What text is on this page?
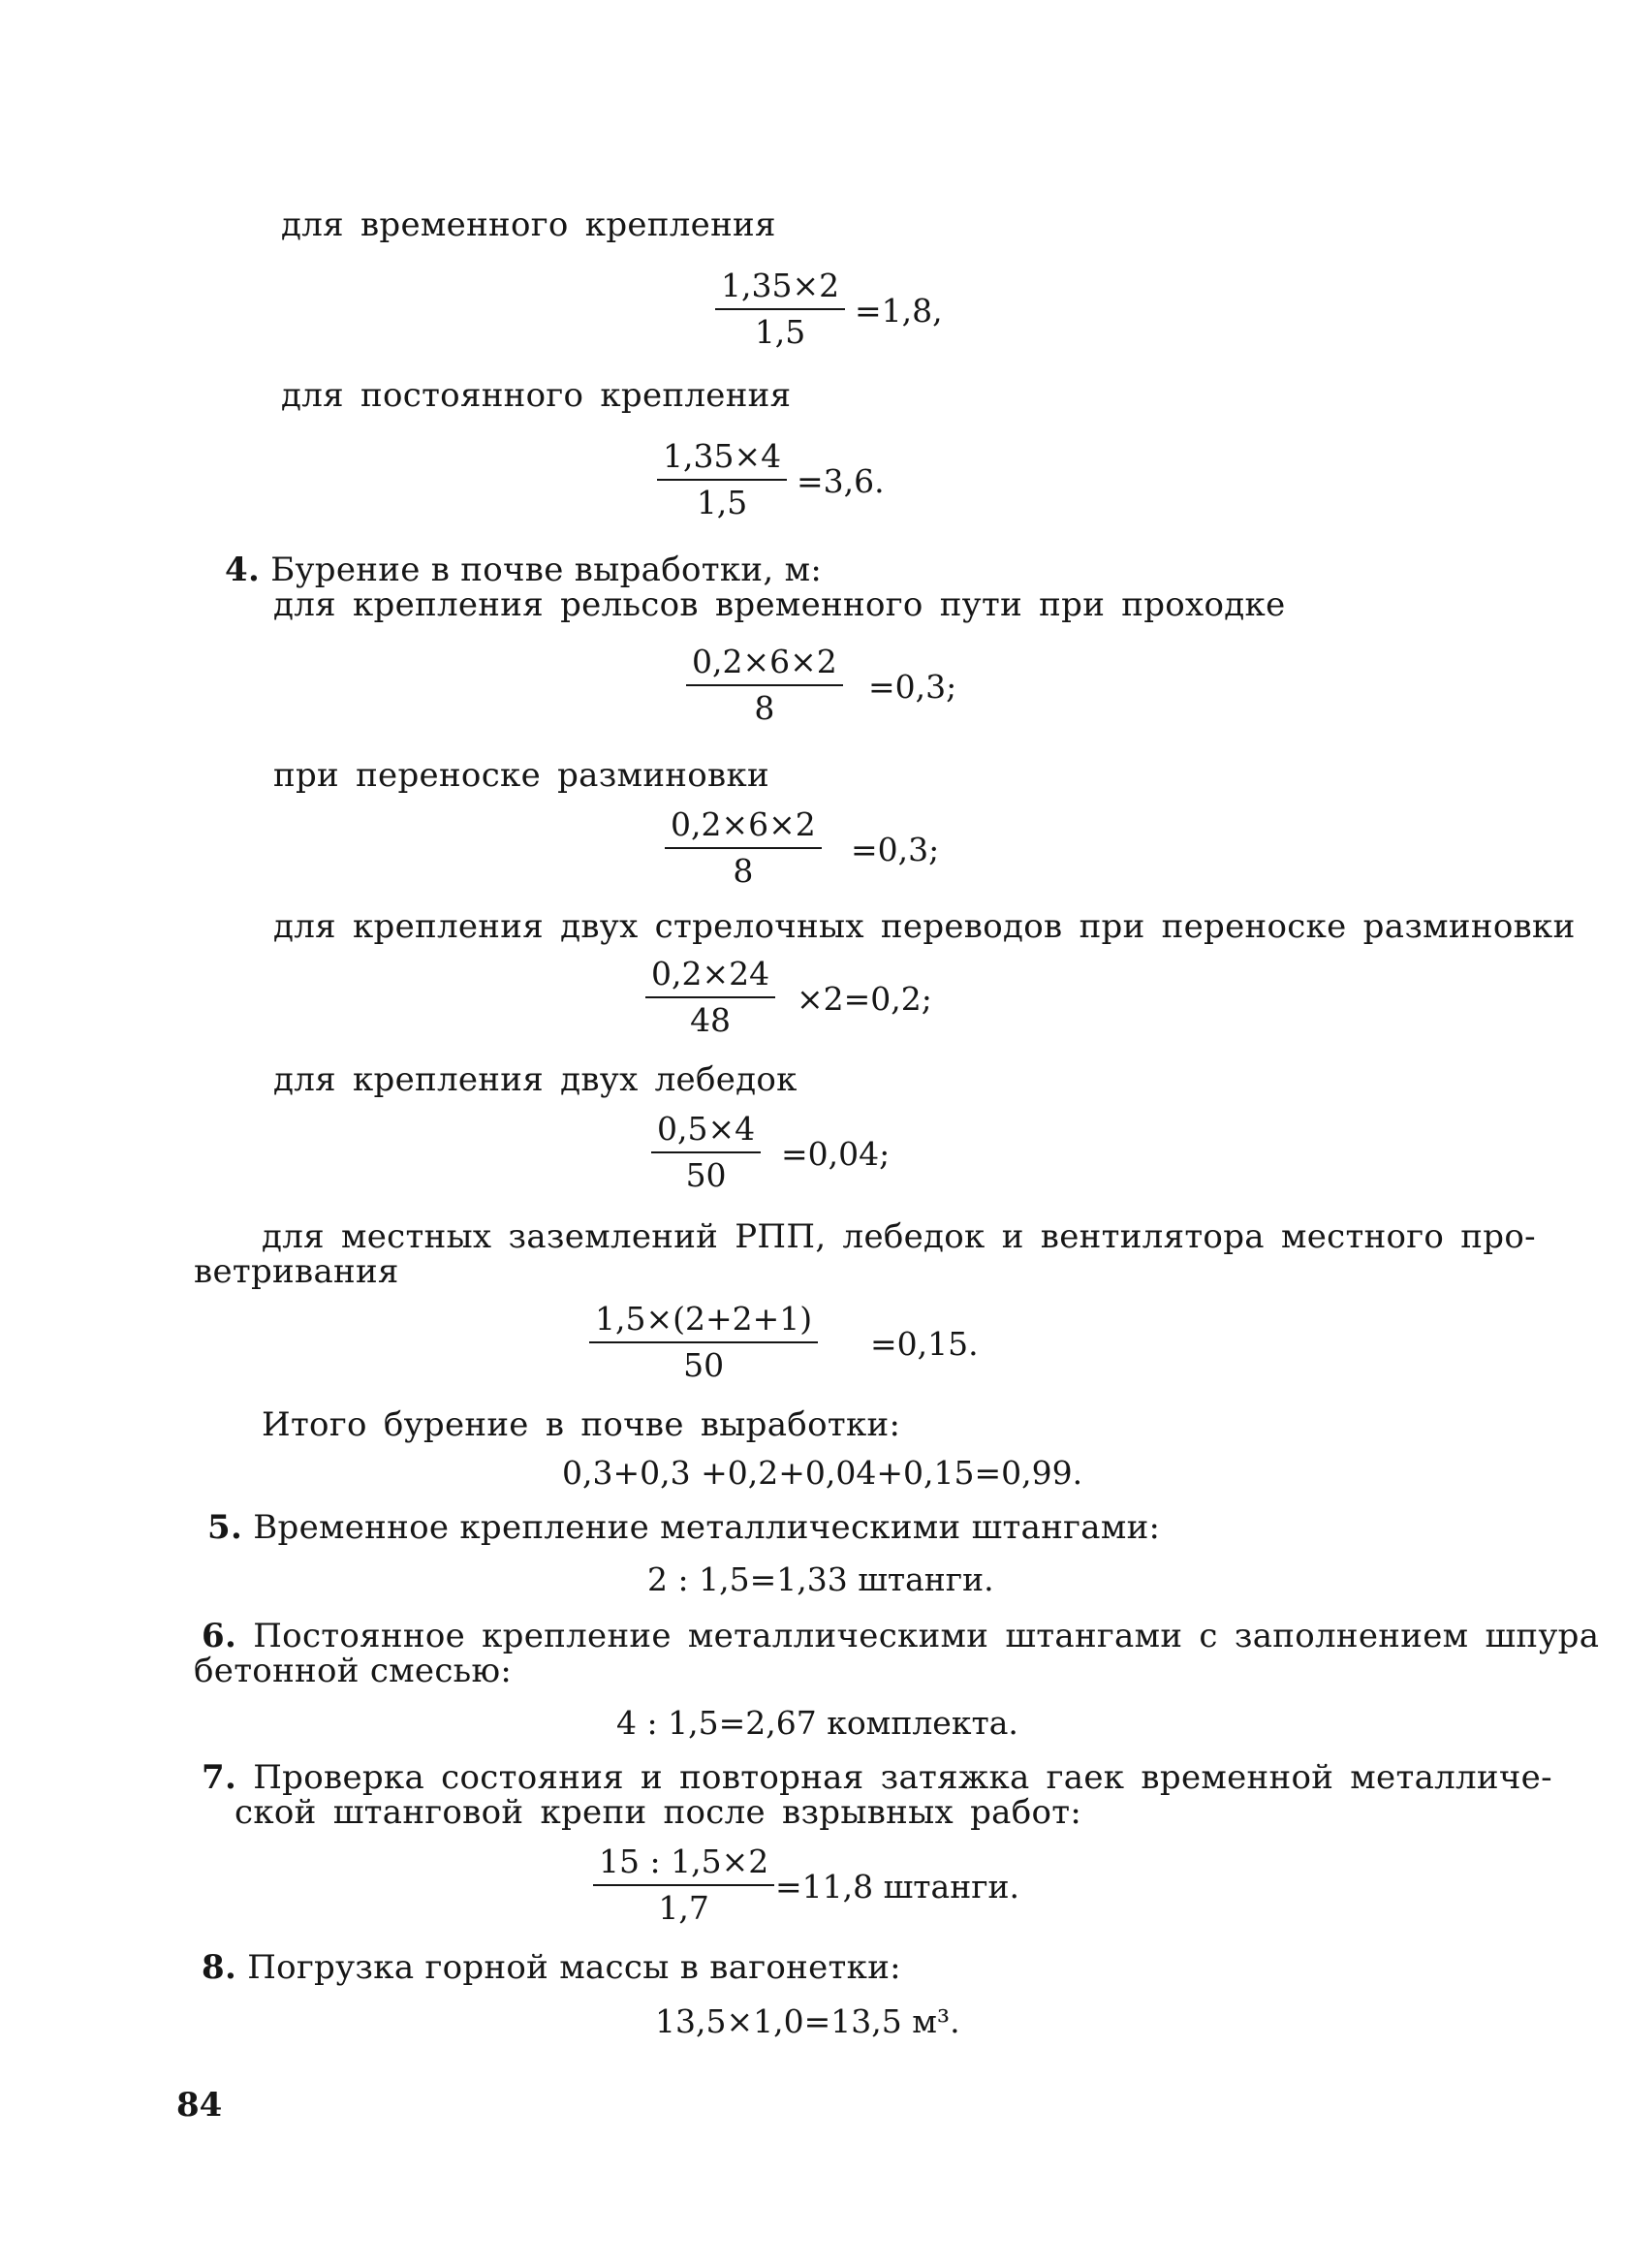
для временного крепления
$\frac{1,35\times 2}{1,5} =1,8$,
для постоянного крепления
$\frac{1,35\times 4}{1,5} =3,6$.
4. Бурение в почве выработки, м:
для крепления рельсов временного пути при проходке
$\frac{0,2\times 6\times 2}{8} =0,3$;
при переноске разминовки
$\frac{0,2\times 6\times 2}{8} =0,3$;
для крепления двух стрелочных переводов при переноске разминовки
$\frac{0,2\times 24}{48} \times 2=0,2$;
для крепления двух лебедок
$\frac{0,5\times 4}{50} =0,04$;
для местных заземлений РПП, лебедок и вентилятора местного про-
ветривания
$\frac{1,5\times(2+2+1)}{50} =0,15$.
Итого бурение в почве выработки:
0,3+0,3 +0,2+0,04+0,15=0,99.
5. Временное крепление металлическими штангами:
2 : 1,5=1,33 штанги.
6. Постоянное крепление металлическими штангами с заполнением шпура
бетонной смесью:
4 : 1,5=2,67 комплекта.
7. Проверка состояния и повторная затяжка гаек временной металличе-
ской штанговой крепи после взрывных работ:
$\frac{15 : 1,5\times 2}{1,7} =11,8$ штанги.
8. Погрузка горной массы в вагонетки:
13,5×1,0=13,5 м³.
84
